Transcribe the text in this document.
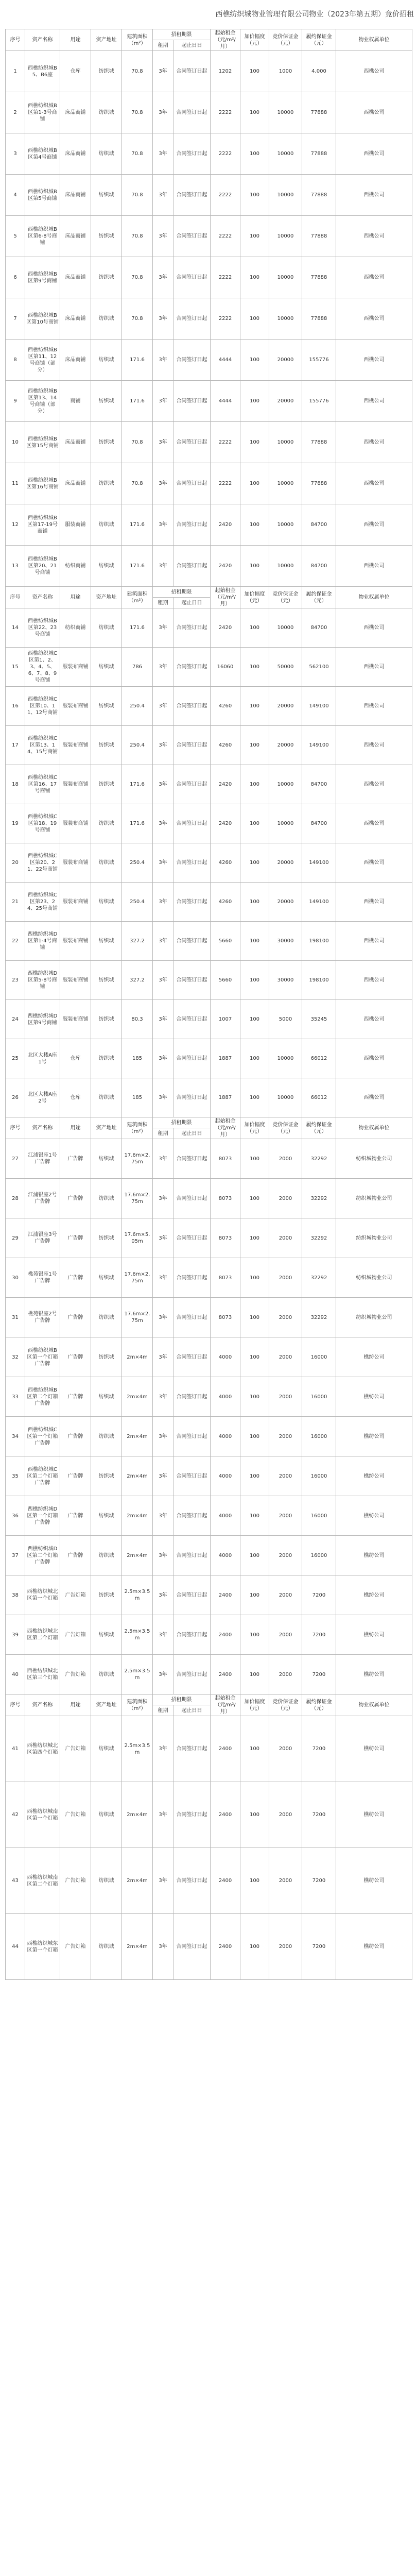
西樵纺织城物业管理有限公司物业（2023年第五期）竞价招租
序号	资产名称	用途	资产地址	建筑面积（m²）	招租期限		起始租金（元/m²/月）	加价幅度（元）	竞价保证金（元）	履约保证金（元）	物业权属单位
					租期	起止日日					
1	西樵纺织城B5、B6座	仓库	纺织城	70.8	3年	合同签订日起	1202	100	1000	4,000	西樵公司
2	西樵纺织城B区第1-3号商铺	床品商铺	纺织城	70.8	3年	合同签订日起	2222	100	10000	77888	西樵公司
3	西樵纺织城B区第4号商铺	床品商铺	纺织城	70.8	3年	合同签订日起	2222	100	10000	77888	西樵公司
4	西樵纺织城B区第5号商铺	床品商铺	纺织城	70.8	3年	合同签订日起	2222	100	10000	77888	西樵公司
5	西樵纺织城B区第6-8号商铺	床品商铺	纺织城	70.8	3年	合同签订日起	2222	100	10000	77888	西樵公司
6	西樵纺织城B区第9号商铺	床品商铺	纺织城	70.8	3年	合同签订日起	2222	100	10000	77888	西樵公司
7	西樵纺织城B区第10号商铺	床品商铺	纺织城	70.8	3年	合同签订日起	2222	100	10000	77888	西樵公司
8	西樵纺织城B区第11、12号商铺（部分）	床品商铺	纺织城	171.6	3年	合同签订日起	4444	100	20000	155776	西樵公司
9	西樵纺织城B区第13、14号商铺（部分）	商铺	纺织城	171.6	3年	合同签订日起	4444	100	20000	155776	西樵公司
10	西樵纺织城B区第15号商铺	床品商铺	纺织城	70.8	3年	合同签订日起	2222	100	10000	77888	西樵公司
11	西樵纺织城B区第16号商铺	床品商铺	纺织城	70.8	3年	合同签订日起	2222	100	10000	77888	西樵公司
12	西樵纺织城B区第17-19号商铺	服装商铺	纺织城	171.6	3年	合同签订日起	2420	100	10000	84700	西樵公司
13	西樵纺织城B区第20、21号商铺	纺织商铺	纺织城	171.6	3年	合同签订日起	2420	100	10000	84700	西樵公司
序号	资产名称	用途	资产地址	建筑面积（m²）	招租期限		起始租金（元/m²/月）	加价幅度（元）	竞价保证金（元）	履约保证金（元）	物业权属单位
					租期	起止日日					
14	西樵纺织城B区第22、23号商铺	纺织商铺	纺织城	171.6	3年	合同签订日起	2420	100	10000	84700	西樵公司
15	西樵纺织城C区第1、2、3、4、5、6、7、8、9号商铺	服装布商铺	纺织城	786	3年	合同签订日起	16060	100	50000	562100	西樵公司
16	西樵纺织城C区第10、11、12号商铺	服装布商铺	纺织城	250.4	3年	合同签订日起	4260	100	20000	149100	西樵公司
17	西樵纺织城C区第13、14、15号商铺	服装布商铺	纺织城	250.4	3年	合同签订日起	4260	100	20000	149100	西樵公司
18	西樵纺织城C区第16、17号商铺	服装布商铺	纺织城	171.6	3年	合同签订日起	2420	100	10000	84700	西樵公司
19	西樵纺织城C区第18、19号商铺	服装布商铺	纺织城	171.6	3年	合同签订日起	2420	100	10000	84700	西樵公司
20	西樵纺织城C区第20、21、22号商铺	服装布商铺	纺织城	250.4	3年	合同签订日起	4260	100	20000	149100	西樵公司
21	西樵纺织城C区第23、24、25号商铺	服装布商铺	纺织城	250.4	3年	合同签订日起	4260	100	20000	149100	西樵公司
22	西樵纺织城D区第1-4号商铺	服装布商铺	纺织城	327.2	3年	合同签订日起	5660	100	30000	198100	西樵公司
23	西樵纺织城D区第5-8号商铺	服装布商铺	纺织城	327.2	3年	合同签订日起	5660	100	30000	198100	西樵公司
24	西樵纺织城D区第9号商铺	服装布商铺	纺织城	80.3	3年	合同签订日起	1007	100	5000	35245	西樵公司
25	北区大楼A座1号	仓库	纺织城	185	3年	合同签订日起	1887	100	10000	66012	西樵公司
26	北区大楼A座2号	仓库	纺织城	185	3年	合同签订日起	1887	100	10000	66012	西樵公司
序号	资产名称	用途	资产地址	建筑面积（m²）	招租期限		起始租金（元/m²/月）	加价幅度（元）	竞价保证金（元）	履约保证金（元）	物业权属单位
					租期	起止日日					
27	江浦银座1号广告牌	广告牌	纺织城	17.6m×2.75m	3年	合同签订日起	8073	100	2000	32292	纺织城物业公司
28	江浦银座2号广告牌	广告牌	纺织城	17.6m×2.75m	3年	合同签订日起	8073	100	2000	32292	纺织城物业公司
29	江浦银座3号广告牌	广告牌	纺织城	17.6m×5.05m	3年	合同签订日起	8073	100	2000	32292	纺织城物业公司
30	樵苑银座1号广告牌	广告牌	纺织城	17.6m×2.75m	3年	合同签订日起	8073	100	2000	32292	纺织城物业公司
31	樵苑银座2号广告牌	广告牌	纺织城	17.6m×2.75m	3年	合同签订日起	8073	100	2000	32292	纺织城物业公司
32	西樵纺织城B区第一个灯箱广告牌	广告牌	纺织城	2m×4m	3年	合同签订日起	4000	100	2000	16000	樵纺公司
33	西樵纺织城B区第二个灯箱广告牌	广告牌	纺织城	2m×4m	3年	合同签订日起	4000	100	2000	16000	樵纺公司
34	西樵纺织城C区第一个灯箱广告牌	广告牌	纺织城	2m×4m	3年	合同签订日起	4000	100	2000	16000	樵纺公司
35	西樵纺织城C区第二个灯箱广告牌	广告牌	纺织城	2m×4m	3年	合同签订日起	4000	100	2000	16000	樵纺公司
36	西樵纺织城D区第一个灯箱广告牌	广告牌	纺织城	2m×4m	3年	合同签订日起	4000	100	2000	16000	樵纺公司
37	西樵纺织城D区第二个灯箱广告牌	广告牌	纺织城	2m×4m	3年	合同签订日起	4000	100	2000	16000	樵纺公司
38	西樵纺织城北区第一个灯箱	广告灯箱	纺织城	2.5m×3.5m	3年	合同签订日起	2400	100	2000	7200	樵纺公司
39	西樵纺织城北区第二个灯箱	广告灯箱	纺织城	2.5m×3.5m	3年	合同签订日起	2400	100	2000	7200	樵纺公司
40	西樵纺织城北区第三个灯箱	广告灯箱	纺织城	2.5m×3.5m	3年	合同签订日起	2400	100	2000	7200	樵纺公司
序号	资产名称	用途	资产地址	建筑面积（m²）	招租期限		起始租金（元/m²/月）	加价幅度（元）	竞价保证金（元）	履约保证金（元）	物业权属单位
					租期	起止日日					
41	西樵纺织城北区第四个灯箱	广告灯箱	纺织城	2.5m×3.5m	3年	合同签订日起	2400	100	2000	7200	樵纺公司
42	西樵纺织城南区第一个灯箱	广告灯箱	纺织城	2m×4m	3年	合同签订日起	2400	100	2000	7200	樵纺公司
43	西樵纺织城南区第二个灯箱	广告灯箱	纺织城	2m×4m	3年	合同签订日起	2400	100	2000	7200	樵纺公司
44	西樵纺织城东区第一个灯箱	广告灯箱	纺织城	2m×4m	3年	合同签订日起	2400	100	2000	7200	樵纺公司
